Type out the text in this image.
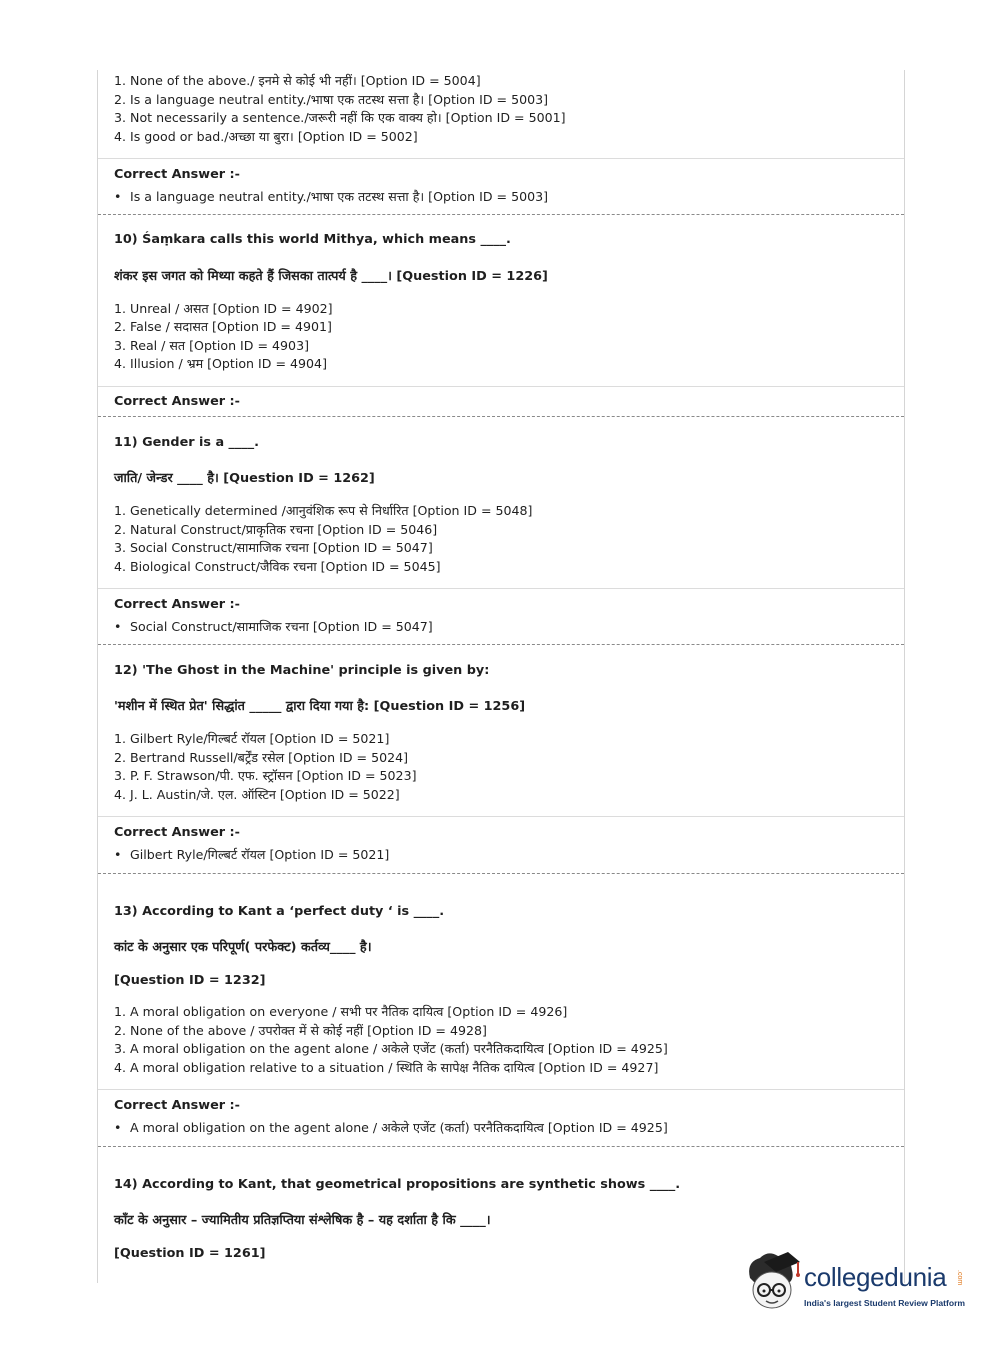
1. None of the above./ इनमे से कोई भी नहीं। [Option ID = 5004]
2. Is a language neutral entity./भाषा एक तटस्थ सत्ता है। [Option ID = 5003]
3. Not necessarily a sentence./जरूरी नहीं कि एक वाक्य हो। [Option ID = 5001]
4. Is good or bad./अच्छा या बुरा। [Option ID = 5002]
Correct Answer :-
• Is a language neutral entity./भाषा एक तटस्थ सत्ता है। [Option ID = 5003]
10) Śaṃkara calls this world Mithya, which means ____.
शंकर इस जगत को मिथ्या कहते हैं जिसका तात्पर्य है ____। [Question ID = 1226]
1. Unreal / असत [Option ID = 4902]
2. False / सदासत [Option ID = 4901]
3. Real / सत [Option ID = 4903]
4. Illusion / भ्रम [Option ID = 4904]
Correct Answer :-
11) Gender is a ____.
जाति/ जेन्डर ____ है। [Question ID = 1262]
1. Genetically determined /आनुवंशिक रूप से निर्धारित [Option ID = 5048]
2. Natural Construct/प्राकृतिक रचना [Option ID = 5046]
3. Social Construct/सामाजिक रचना [Option ID = 5047]
4. Biological Construct/जैविक रचना [Option ID = 5045]
Correct Answer :-
• Social Construct/सामाजिक रचना [Option ID = 5047]
12) 'The Ghost in the Machine' principle is given by:
'मशीन में स्थित प्रेत' सिद्धांत _____ द्वारा दिया गया है: [Question ID = 1256]
1. Gilbert Ryle/गिल्बर्ट रॉयल [Option ID = 5021]
2. Bertrand Russell/बर्ट्रेंड रसेल [Option ID = 5024]
3. P. F. Strawson/पी. एफ. स्ट्रॉसन [Option ID = 5023]
4. J. L. Austin/जे. एल. ऑस्टिन [Option ID = 5022]
Correct Answer :-
• Gilbert Ryle/गिल्बर्ट रॉयल [Option ID = 5021]
13) According to Kant a ‘perfect duty ‘ is ____.
कांट के अनुसार एक परिपूर्ण( परफेक्ट) कर्तव्य____ है।
[Question ID = 1232]
1. A moral obligation on everyone / सभी पर नैतिक दायित्व [Option ID = 4926]
2. None of the above / उपरोक्त में से कोई नहीं [Option ID = 4928]
3. A moral obligation on the agent alone / अकेले एजेंट (कर्ता) परनैतिकदायित्व [Option ID = 4925]
4. A moral obligation relative to a situation / स्थिति के सापेक्ष नैतिक दायित्व [Option ID = 4927]
Correct Answer :-
• A moral obligation on the agent alone / अकेले एजेंट (कर्ता) परनैतिकदायित्व [Option ID = 4925]
14) According to Kant, that geometrical propositions are synthetic shows ____.
कॉंट के अनुसार – ज्यामितीय प्रतिज्ञप्तिया संश्लेषिक है – यह दर्शाता है कि ____।
[Question ID = 1261]
collegedunia .com
India's largest Student Review Platform
